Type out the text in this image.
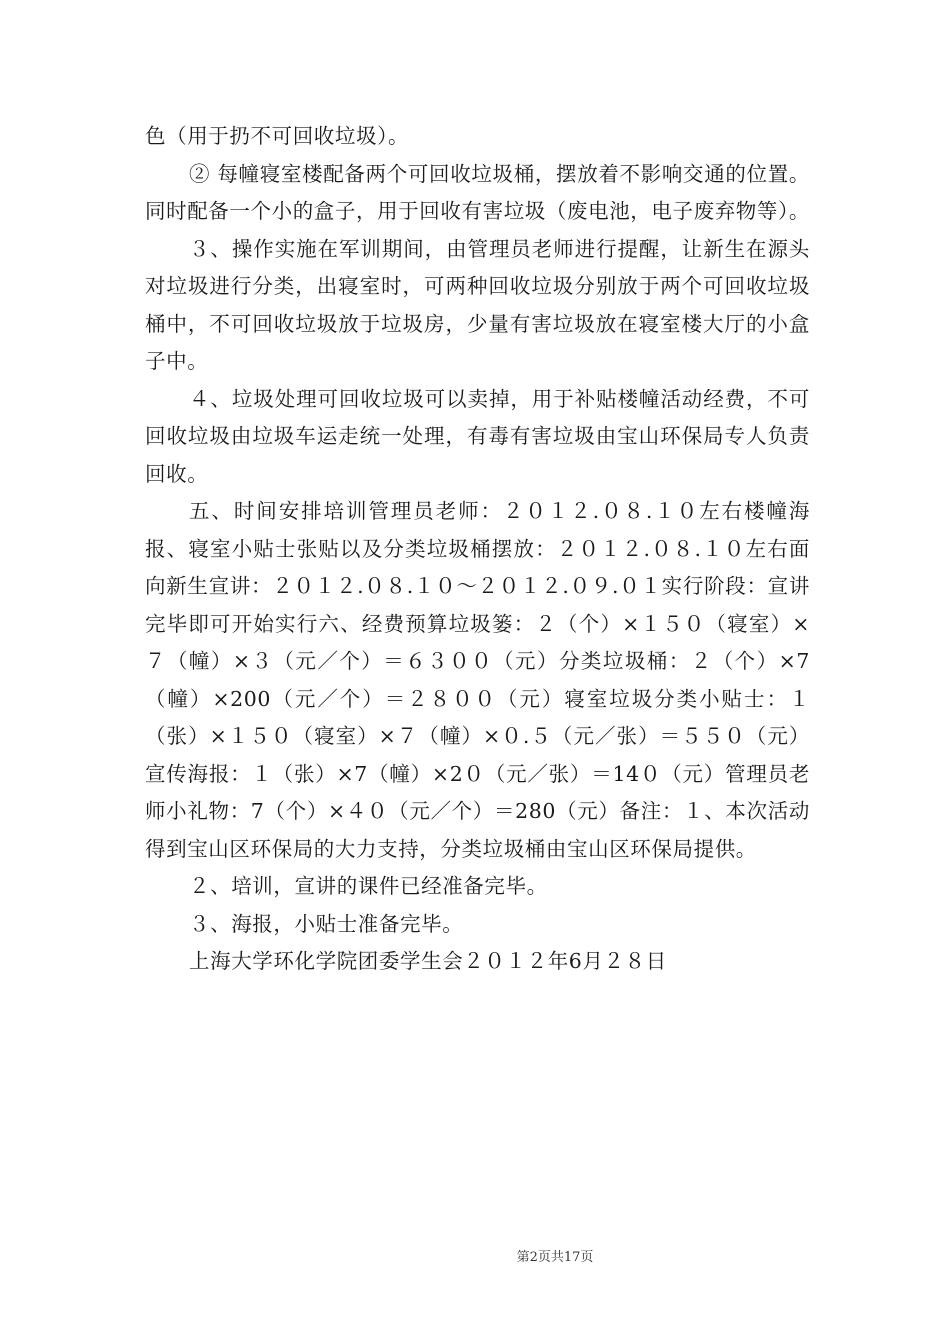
色（用于扔不可回收垃圾）。

② 每幢寝室楼配备两个可回收垃圾桶，摆放着不影响交通的位置。同时配备一个小的盒子，用于回收有害垃圾（废电池，电子废弃物等）。

３、操作实施在军训期间，由管理员老师进行提醒，让新生在源头对垃圾进行分类，出寝室时，可两种回收垃圾分别放于两个可回收垃圾桶中，不可回收垃圾放于垃圾房，少量有害垃圾放在寝室楼大厅的小盒子中。

４、垃圾处理可回收垃圾可以卖掉，用于补贴楼幢活动经费，不可回收垃圾由垃圾车运走统一处理，有毒有害垃圾由宝山环保局专人负责回收。

五、时间安排培训管理员老师：２０１２.０８.１０左右楼幢海报、寝室小贴士张贴以及分类垃圾桶摆放：２０１２.０８.１０左右面向新生宣讲：２０１２.０８.１０～２０１２.０９.０１实行阶段：宣讲完毕即可开始实行六、经费预算垃圾篓：２（个）×１５０（寝室）×７（幢）×３（元／个）＝６３００（元）分类垃圾桶：２（个）×7（幢）×200（元／个）＝２８００（元）寝室垃圾分类小贴士：１（张）×１５０（寝室）×７（幢）×０.５（元／张）＝５５０（元）宣传海报：１（张）×7（幢）×2０（元／张）＝14０（元）管理员老师小礼物：7（个）×４０（元／个）＝280（元）备注：１、本次活动得到宝山区环保局的大力支持，分类垃圾桶由宝山区环保局提供。

２、培训，宣讲的课件已经准备完毕。

３、海报，小贴士准备完毕。

上海大学环化学院团委学生会２０１２年6月２８日

第2页共17页
